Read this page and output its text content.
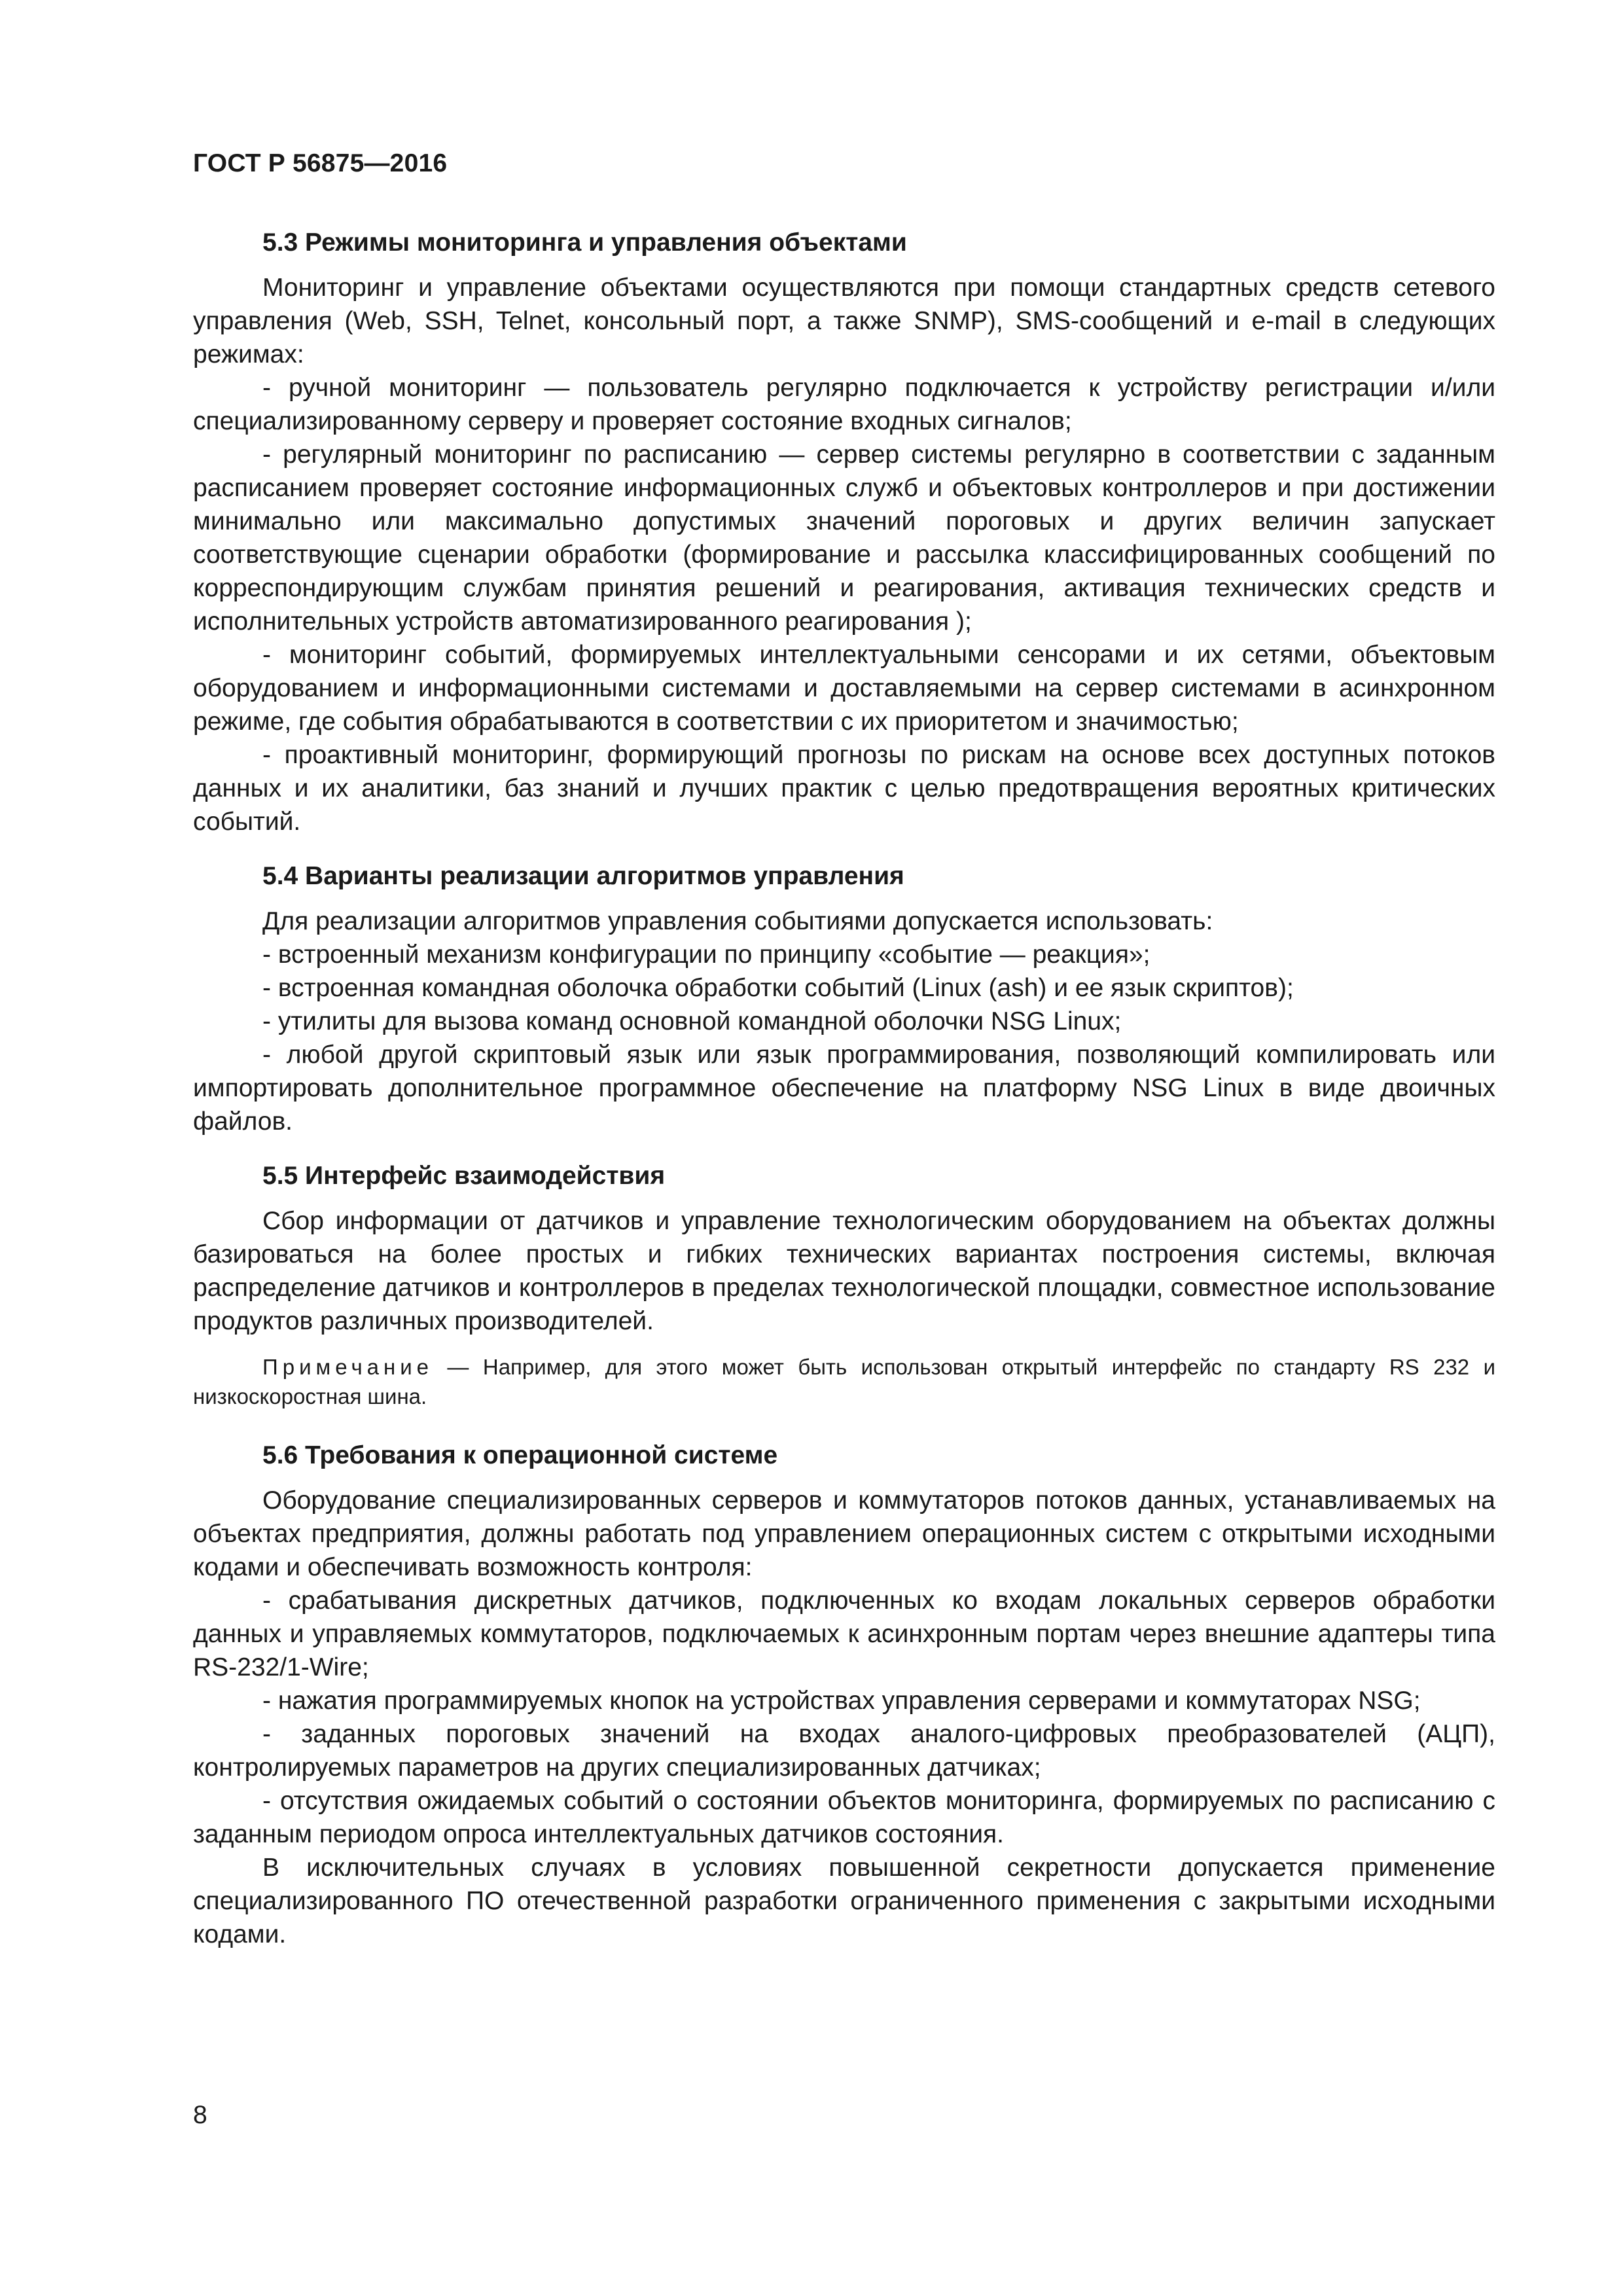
ГОСТ Р 56875—2016
5.3 Режимы мониторинга и управления объектами

Мониторинг и управление объектами осуществляются при помощи стандартных средств сетевого управления (Web, SSH, Telnet, консольный порт, а также SNMP), SMS-сообщений и e-mail в следующих режимах:

- ручной мониторинг — пользователь регулярно подключается к устройству регистрации и/или специализированному серверу и проверяет состояние входных сигналов;

- регулярный мониторинг по расписанию — сервер системы регулярно в соответствии с заданным расписанием проверяет состояние информационных служб и объектовых контроллеров и при достижении минимально или максимально допустимых значений пороговых и других величин запускает соответствующие сценарии обработки (формирование и рассылка классифицированных сообщений по корреспондирующим службам принятия решений и реагирования, активация технических средств и исполнительных устройств автоматизированного реагирования );

- мониторинг событий, формируемых интеллектуальными сенсорами и их сетями, объектовым оборудованием и информационными системами и доставляемыми на сервер системами в асинхронном режиме, где события обрабатываются в соответствии с их приоритетом и значимостью;

- проактивный мониторинг, формирующий прогнозы по рискам на основе всех доступных потоков данных и их аналитики, баз знаний и лучших практик с целью предотвращения вероятных критических событий.

5.4 Варианты реализации алгоритмов управления

Для реализации алгоритмов управления событиями допускается использовать:

- встроенный механизм конфигурации по принципу «событие — реакция»;

- встроенная командная оболочка обработки событий (Linux (ash) и ее язык скриптов);

- утилиты для вызова команд основной командной оболочки NSG Linux;

- любой другой скриптовый язык или язык программирования, позволяющий компилировать или импортировать дополнительное программное обеспечение на платформу NSG Linux в виде двоичных файлов.

5.5 Интерфейс взаимодействия

Сбор информации от датчиков и управление технологическим оборудованием на объектах должны базироваться на более простых и гибких технических вариантах построения системы, включая распределение датчиков и контроллеров в пределах технологической площадки, совместное использование продуктов различных производителей.

Примечание — Например, для этого может быть использован открытый интерфейс по стандарту RS 232 и низкоскоростная шина.

5.6 Требования к операционной системе

Оборудование специализированных серверов и коммутаторов потоков данных, устанавливаемых на объектах предприятия, должны работать под управлением операционных систем с открытыми исходными кодами и обеспечивать возможность контроля:

- срабатывания дискретных датчиков, подключенных ко входам локальных серверов обработки данных и управляемых коммутаторов, подключаемых к асинхронным портам через внешние адаптеры типа RS-232/1-Wire;

- нажатия программируемых кнопок на устройствах управления серверами и коммутаторах NSG;

- заданных пороговых значений на входах аналого-цифровых преобразователей (АЦП), контролируемых параметров на других специализированных датчиках;

- отсутствия ожидаемых событий о состоянии объектов мониторинга, формируемых по расписанию с заданным периодом опроса интеллектуальных датчиков состояния.

В исключительных случаях в условиях повышенной секретности допускается применение специализированного ПО отечественной разработки ограниченного применения с закрытыми исходными кодами.

8
